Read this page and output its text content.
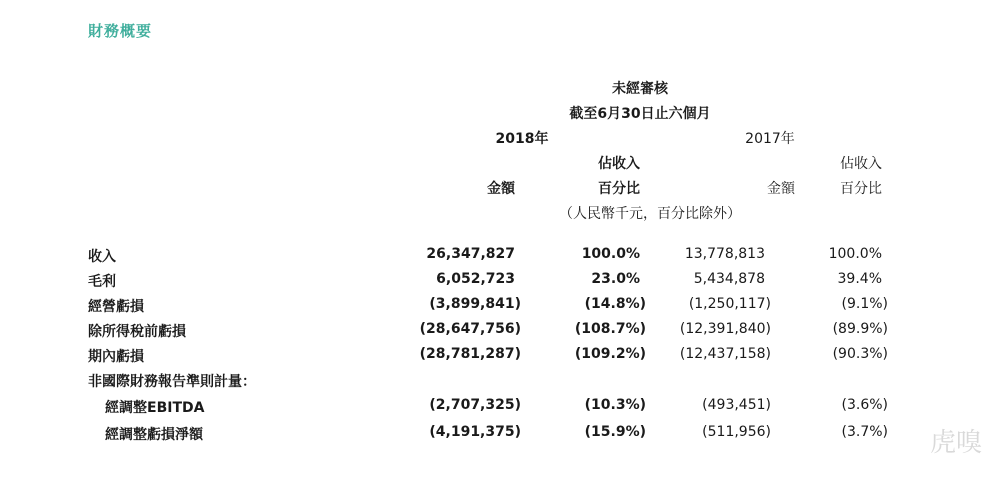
財務概要
未經審核
截至6月30日止六個月
2018年	2017年
佔收入	佔收入
金額	百分比	金額	百分比
（人民幣千元，百分比除外）
收入	26,347,827	100.0%	13,778,813	100.0%
毛利	6,052,723	23.0%	5,434,878	39.4%
經營虧損	(3,899,841)	(14.8%)	(1,250,117)	(9.1%)
除所得稅前虧損	(28,647,756)	(108.7%) (12,391,840)	(89.9%)
期內虧損	(28,781,287)	(109.2%) (12,437,158)	(90.3%)
非國際財務報告準則計量：
經調整EBITDA	(2,707,325)	(10.3%)	(493,451)	(3.6%)
經調整虧損淨額	(4,191,375)	(15.9%)	(511,956)	(3.7%) 虎嗅
